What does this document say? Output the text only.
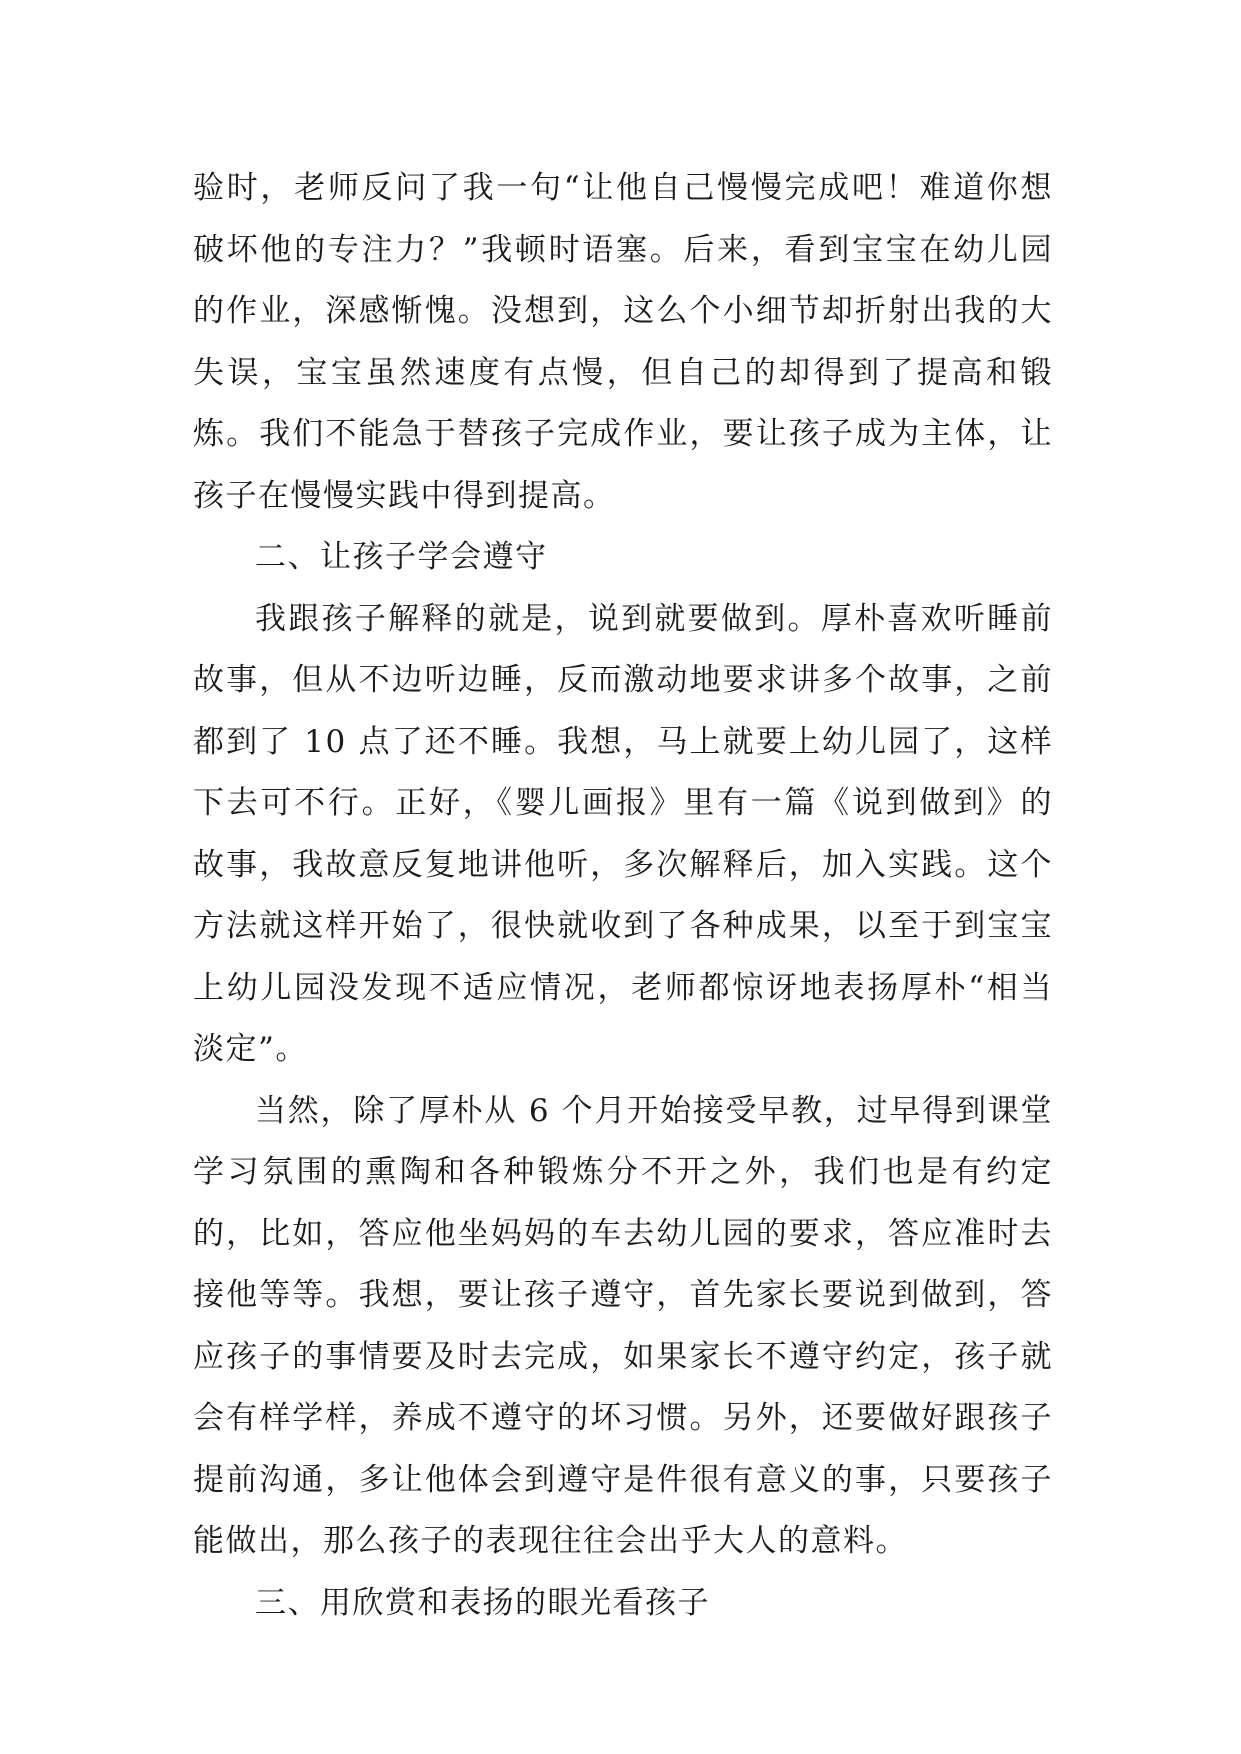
验时，老师反问了我一句“让他自己慢慢完成吧！难道你想破坏他的专注力？”我顿时语塞。后来，看到宝宝在幼儿园的作业，深感惭愧。没想到，这么个小细节却折射出我的大失误，宝宝虽然速度有点慢，但自己的却得到了提高和锻炼。我们不能急于替孩子完成作业，要让孩子成为主体，让孩子在慢慢实践中得到提高。

二、让孩子学会遵守

我跟孩子解释的就是，说到就要做到。厚朴喜欢听睡前故事，但从不边听边睡，反而激动地要求讲多个故事，之前都到了 10 点了还不睡。我想，马上就要上幼儿园了，这样下去可不行。正好，《婴儿画报》里有一篇《说到做到》的故事，我故意反复地讲他听，多次解释后，加入实践。这个方法就这样开始了，很快就收到了各种成果，以至于到宝宝上幼儿园没发现不适应情况，老师都惊讶地表扬厚朴“相当淡定”。

当然，除了厚朴从 6 个月开始接受早教，过早得到课堂学习氛围的熏陶和各种锻炼分不开之外，我们也是有约定的，比如，答应他坐妈妈的车去幼儿园的要求，答应准时去接他等等。我想，要让孩子遵守，首先家长要说到做到，答应孩子的事情要及时去完成，如果家长不遵守约定，孩子就会有样学样，养成不遵守的坏习惯。另外，还要做好跟孩子提前沟通，多让他体会到遵守是件很有意义的事，只要孩子能做出，那么孩子的表现往往会出乎大人的意料。

三、用欣赏和表扬的眼光看孩子
